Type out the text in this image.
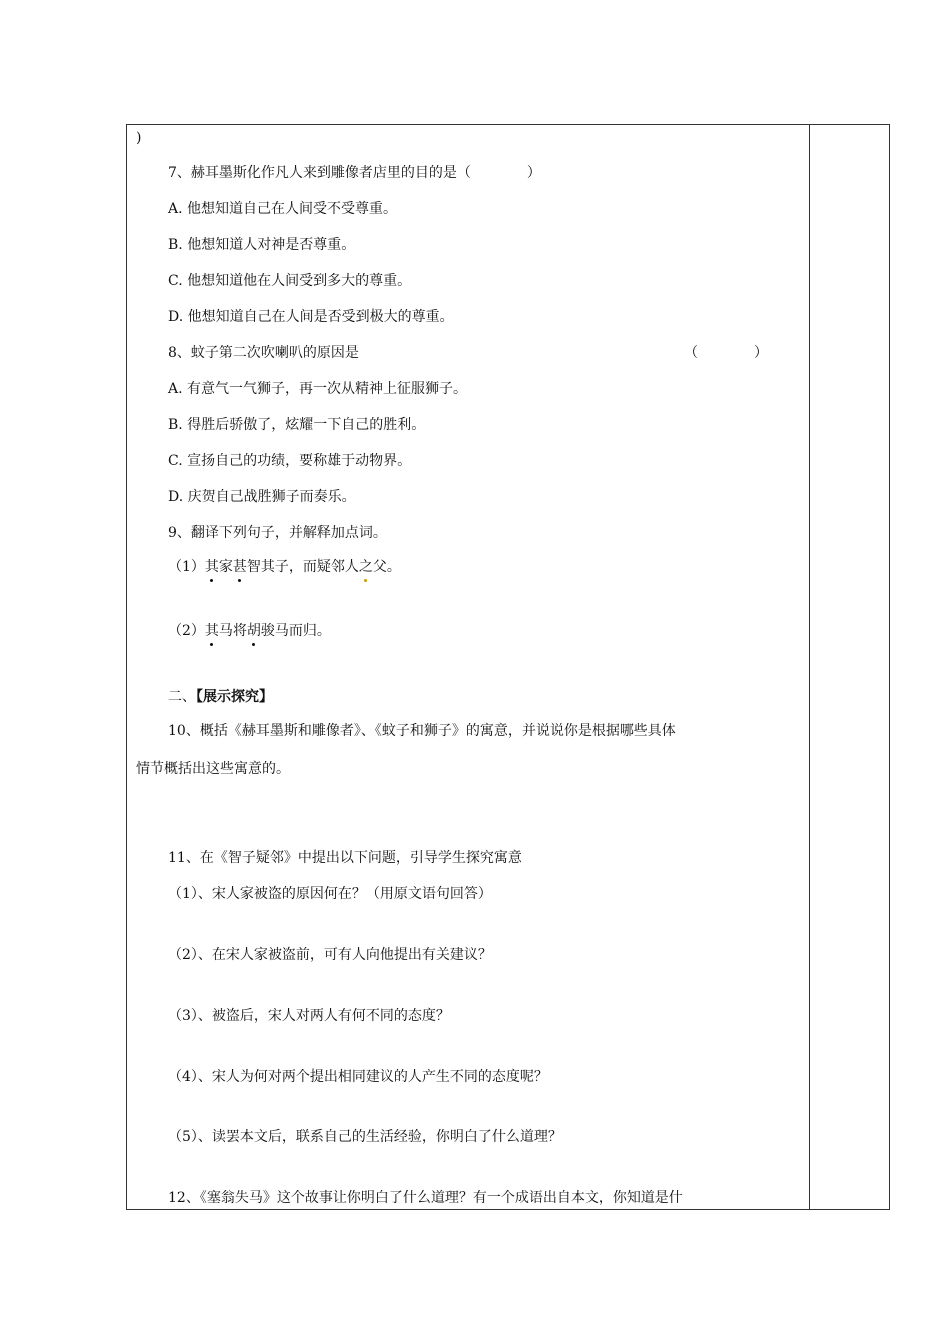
)
7、赫耳墨斯化作凡人来到雕像者店里的目的是（　　　　）
A. 他想知道自己在人间受不受尊重。
B. 他想知道人对神是否尊重。
C. 他想知道他在人间受到多大的尊重。
D. 他想知道自己在人间是否受到极大的尊重。
8、蚊子第二次吹喇叭的原因是	（　　　　）
A. 有意气一气狮子，再一次从精神上征服狮子。
B. 得胜后骄傲了，炫耀一下自己的胜利。
C. 宣扬自己的功绩，要称雄于动物界。
D. 庆贺自己战胜狮子而奏乐。
9、翻译下列句子，并解释加点词。
（1）其家甚智其子，而疑邻人之父。
（2）其马将胡骏马而归。
二、【展示探究】
10、概括《赫耳墨斯和雕像者》、《蚊子和狮子》的寓意，并说说你是根据哪些具体
情节概括出这些寓意的。
11、在《智子疑邻》中提出以下问题，引导学生探究寓意
（1）、宋人家被盗的原因何在？（用原文语句回答）
（2）、在宋人家被盗前，可有人向他提出有关建议？
（3）、被盗后，宋人对两人有何不同的态度？
（4）、宋人为何对两个提出相同建议的人产生不同的态度呢？
（5）、读罢本文后，联系自己的生活经验，你明白了什么道理？
12、《塞翁失马》这个故事让你明白了什么道理？有一个成语出自本文，你知道是什
